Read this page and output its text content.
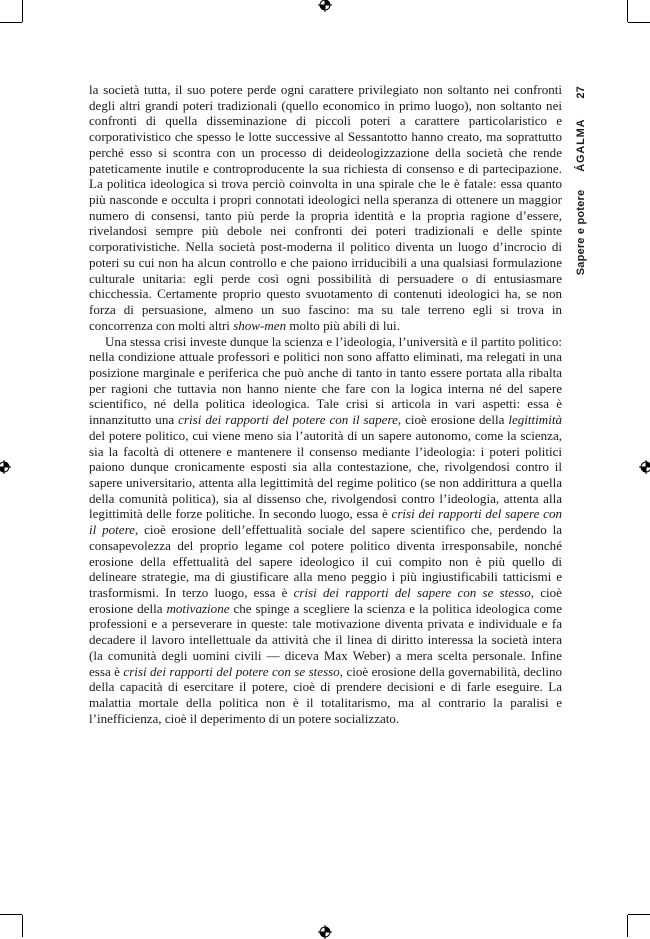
la società tutta, il suo potere perde ogni carattere privilegiato non soltanto nei confronti degli altri grandi poteri tradizionali (quello economico in primo luogo), non soltanto nei confronti di quella disseminazione di piccoli poteri a carattere particolaristico e corporativistico che spesso le lotte successive al Sessantotto hanno creato, ma soprattutto perché esso si scontra con un processo di deideologizzazione della società che rende pateticamente inutile e controproducente la sua richiesta di consenso e di partecipazione. La politica ideologica si trova perciò coinvolta in una spirale che le è fatale: essa quanto più nasconde e occulta i propri connotati ideologici nella speranza di ottenere un maggior numero di consensi, tanto più perde la propria identità e la propria ragione d’essere, rivelandosi sempre più debole nei confronti dei poteri tradizionali e delle spinte corporativistiche. Nella società post-moderna il politico diventa un luogo d’incrocio di poteri su cui non ha alcun controllo e che paiono irriducibili a una qualsiasi formulazione culturale unitaria: egli perde così ogni possibilità di persuadere o di entusiasmare chicchessia. Certamente proprio questo svuotamento di contenuti ideologici ha, se non forza di persuasione, almeno un suo fascino: ma su tale terreno egli si trova in concorrenza con molti altri show-men molto più abili di lui.

Una stessa crisi investe dunque la scienza e l’ideologia, l’università e il partito politico: nella condizione attuale professori e politici non sono affatto eliminati, ma relegati in una posizione marginale e periferica che può anche di tanto in tanto essere portata alla ribalta per ragioni che tuttavia non hanno niente che fare con la logica interna né del sapere scientifico, né della politica ideologica. Tale crisi si articola in vari aspetti: essa è innanzitutto una crisi dei rapporti del potere con il sapere, cioè erosione della legittimità del potere politico, cui viene meno sia l’autorità di un sapere autonomo, come la scienza, sia la facoltà di ottenere e mantenere il consenso mediante l’ideologia: i poteri politici paiono dunque cronicamente esposti sia alla contestazione, che, rivolgendosi contro il sapere universitario, attenta alla legittimità del regime politico (se non addirittura a quella della comunità politica), sia al dissenso che, rivolgendosi contro l’ideologia, attenta alla legittimità delle forze politiche. In secondo luogo, essa è crisi dei rapporti del sapere con il potere, cioè erosione dell’effettualità sociale del sapere scientifico che, perdendo la consapevolezza del proprio legame col potere politico diventa irresponsabile, nonché erosione della effettualità del sapere ideologico il cui compito non è più quello di delineare strategie, ma di giustificare alla meno peggio i più ingiustificabili tatticismi e trasformismi. In terzo luogo, essa è crisi dei rapporti del sapere con se stesso, cioè erosione della motivazione che spinge a scegliere la scienza e la politica ideologica come professioni e a perseverare in queste: tale motivazione diventa privata e individuale e fa decadere il lavoro intellettuale da attività che il linea di diritto interessa la società intera (la comunità degli uomini civili — diceva Max Weber) a mera scelta personale. Infine essa è crisi dei rapporti del potere con se stesso, cioè erosione della governabilità, declino della capacità di esercitare il potere, cioè di prendere decisioni e di farle eseguire. La malattia mortale della politica non è il totalitarismo, ma al contrario la paralisi e l’inefficienza, cioè il deperimento di un potere socializzato.

Sapere e potere
ÁGALMA
27
